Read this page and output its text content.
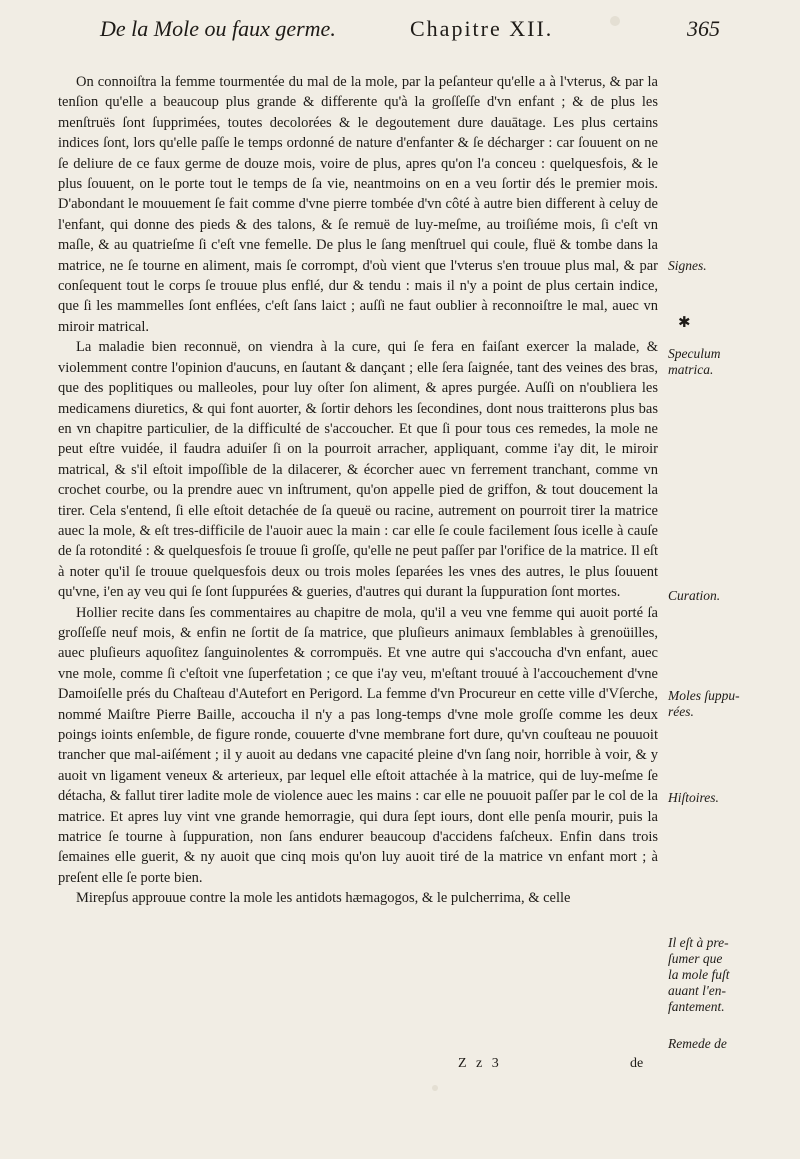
De la Mole ou faux germe.	Chapitre XII.	365

On connoiſtra la femme tourmentée du mal de la mole, par la peſanteur qu'elle a à l'vterus, & par la tenſion qu'elle a beaucoup plus grande & differente qu'à la groſſeſſe d'vn enfant ; & de plus les menſtruës ſont ſupprimées, toutes decolorées & le degoutement dure dauātage. Les plus certains indices ſont, lors qu'elle paſſe le temps ordonné de nature d'enfanter & ſe décharger : car ſouuent on ne ſe deliure de ce faux germe de douze mois, voire de plus, apres qu'on l'a conceu : quelquesfois, & le plus ſouuent, on le porte tout le temps de ſa vie, neantmoins on en a veu ſortir dés le premier mois. D'abondant le mouuement ſe fait comme d'vne pierre tombée d'vn côté à autre bien different à celuy de l'enfant, qui donne des pieds & des talons, & ſe remuë de luy-meſme, au troiſiéme mois, ſi c'eſt vn maſle, & au quatrieſme ſi c'eſt vne femelle. De plus le ſang menſtruel qui coule, fluë & tombe dans la matrice, ne ſe tourne en aliment, mais ſe corrompt, d'où vient que l'vterus s'en trouue plus mal, & par conſequent tout le corps ſe trouue plus enflé, dur & tendu : mais il n'y a point de plus certain indice, que ſi les mammelles ſont enflées, c'eſt ſans laict ; auſſi ne faut oublier à reconnoiſtre le mal, auec vn miroir matrical.

La maladie bien reconnuë, on viendra à la cure, qui ſe fera en faiſant exercer la malade, & violemment contre l'opinion d'aucuns, en ſautant & dançant ; elle ſera ſaignée, tant des veines des bras, que des poplitiques ou malleoles, pour luy oſter ſon aliment, & apres purgée. Auſſi on n'oubliera les medicamens diuretics, & qui font auorter, & ſortir dehors les ſecondines, dont nous traitterons plus bas en vn chapitre particulier, de la difficulté de s'accoucher. Et que ſi pour tous ces remedes, la mole ne peut eſtre vuidée, il faudra aduiſer ſi on la pourroit arracher, appliquant, comme i'ay dit, le miroir matrical, & s'il eſtoit impoſſible de la dilacerer, & écorcher auec vn ferrement tranchant, comme vn crochet courbe, ou la prendre auec vn inſtrument, qu'on appelle pied de griffon, & tout doucement la tirer. Cela s'entend, ſi elle eſtoit detachée de ſa queuë ou racine, autrement on pourroit tirer la matrice auec la mole, & eſt tres-difficile de l'auoir auec la main : car elle ſe coule facilement ſous icelle à cauſe de ſa rotondité : & quelquesfois ſe trouue ſi groſſe, qu'elle ne peut paſſer par l'orifice de la matrice. Il eſt à noter qu'il ſe trouue quelquesfois deux ou trois moles ſeparées les vnes des autres, le plus ſouuent qu'vne, i'en ay veu qui ſe ſont ſuppurées & gueries, d'autres qui durant la ſuppuration ſont mortes.

Hollier recite dans ſes commentaires au chapitre de mola, qu'il a veu vne femme qui auoit porté ſa groſſeſſe neuf mois, & enfin ne ſortit de ſa matrice, que pluſieurs animaux ſemblables à grenoüilles, auec pluſieurs aquoſitez ſanguinolentes & corrompuës. Et vne autre qui s'accoucha d'vn enfant, auec vne mole, comme ſi c'eſtoit vne ſuperfetation ; ce que i'ay veu, m'eſtant trouué à l'accouchement d'vne Damoiſelle prés du Chaſteau d'Autefort en Perigord. La femme d'vn Procureur en cette ville d'Vſerche, nommé Maiſtre Pierre Baille, accoucha il n'y a pas long-temps d'vne mole groſſe comme les deux poings ioints enſemble, de figure ronde, couuerte d'vne membrane fort dure, qu'vn couſteau ne pouuoit trancher que mal-aiſément ; il y auoit au dedans vne capacité pleine d'vn ſang noir, horrible à voir, & y auoit vn ligament veneux & arterieux, par lequel elle eſtoit attachée à la matrice, qui de luy-meſme ſe détacha, & fallut tirer ladite mole de violence auec les mains : car elle ne pouuoit paſſer par le col de la matrice. Et apres luy vint vne grande hemorragie, qui dura ſept iours, dont elle penſa mourir, puis la matrice ſe tourne à ſuppuration, non ſans endurer beaucoup d'accidens faſcheux. Enfin dans trois ſemaines elle guerit, & ny auoit que cinq mois qu'on luy auoit tiré de la matrice vn enfant mort ; à preſent elle ſe porte bien.

Mirepſus approuue contre la mole les antidots hæmagogos, & le pulcherrima, & celle

Signes.
✱
Speculum
matrica.
Curation.
Moles ſuppu-
rées.
Hiſtoires.
Il eſt à pre-
ſumer que
la mole fuſt
auant l'en-
fantement.
Remede de
Z z 3	de
